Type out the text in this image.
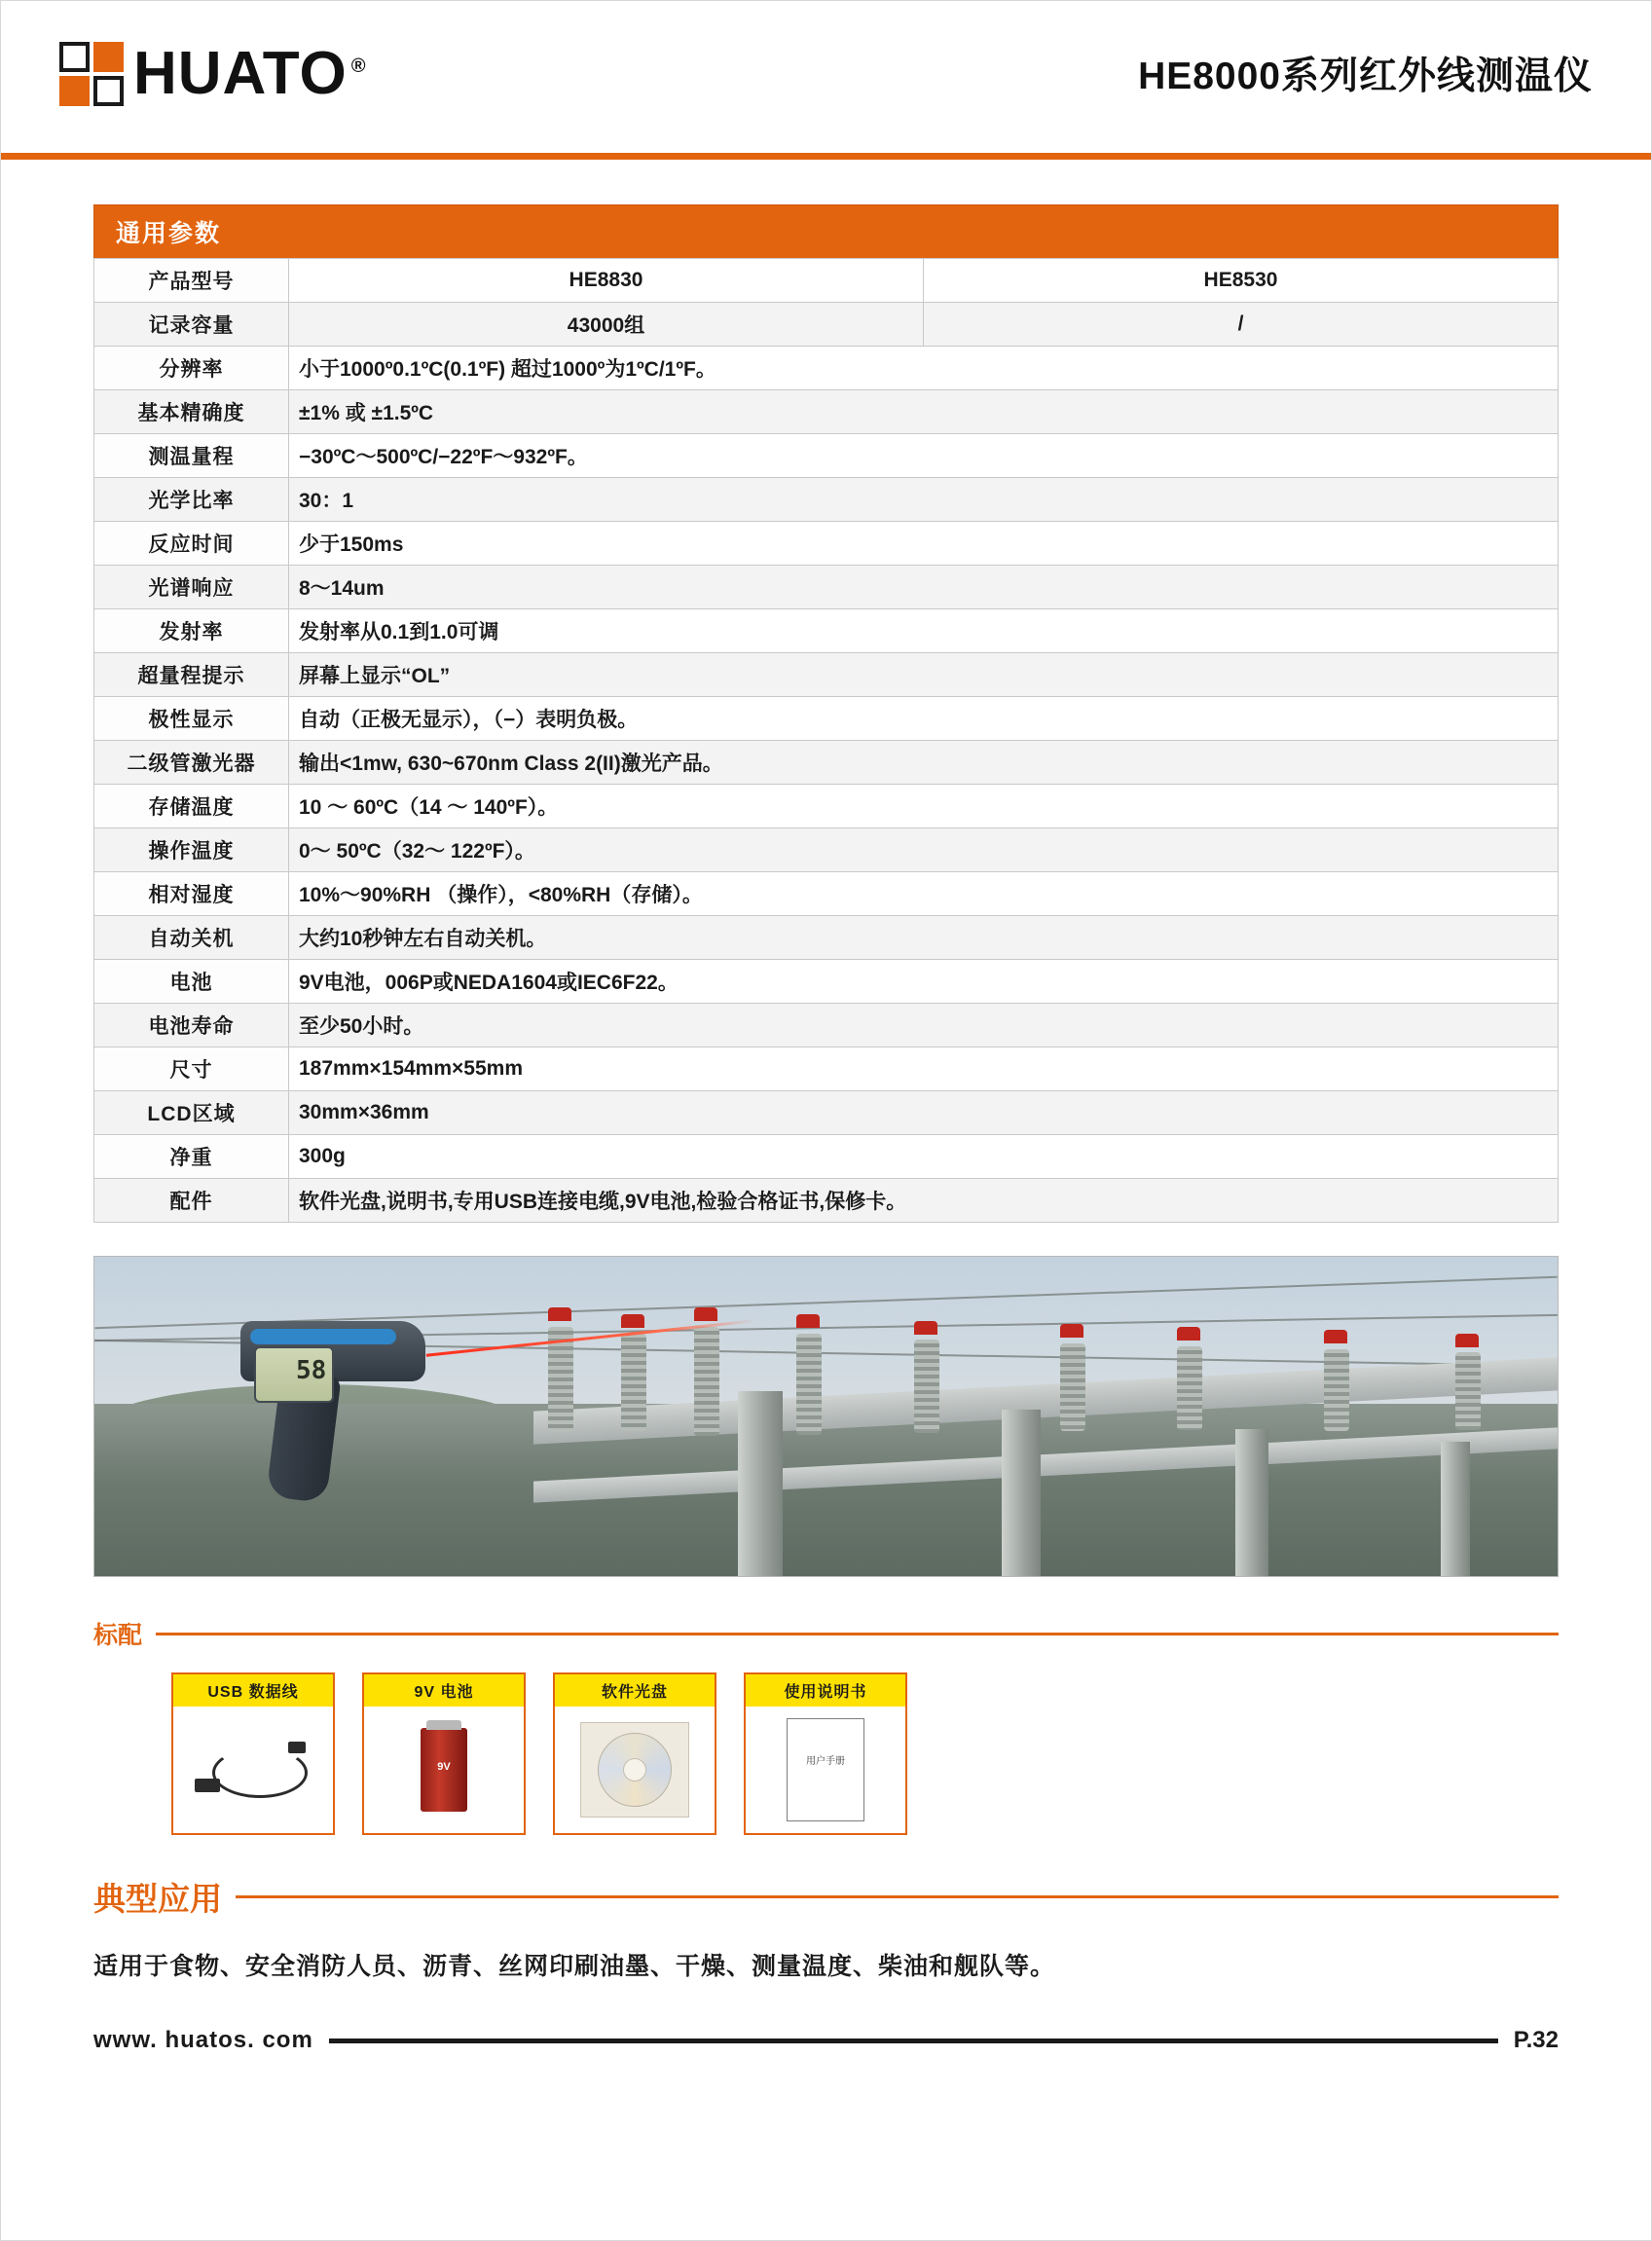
HUATO ®	HE8000系列红外线测温仪
通用参数
产品型号	HE8830	HE8530
记录容量	43000组	/
分辨率	小于1000º0.1ºC(0.1ºF) 超过1000º为1ºC/1ºF。	
基本精确度	±1% 或 ±1.5ºC	
测温量程	−30ºC～500ºC/−22ºF～932ºF。	
光学比率	30：1	
反应时间	少于150ms	
光谱响应	8～14um	
发射率	发射率从0.1到1.0可调	
超量程提示	屏幕上显示“OL”	
极性显示	自动（正极无显示），（−）表明负极。	
二级管激光器	输出<1mw, 630~670nm Class 2(II)激光产品。	
存储温度	10 ～ 60ºC（14 ～ 140ºF）。	
操作温度	0～ 50ºC（32～ 122ºF）。	
相对湿度	10%～90%RH （操作），<80%RH（存储）。	
自动关机	大约10秒钟左右自动关机。	
电池	9V电池，006P或NEDA1604或IEC6F22。	
电池寿命	至少50小时。	
尺寸	187mm×154mm×55mm	
LCD区域	30mm×36mm	
净重	300g	
配件	软件光盘,说明书,专用USB连接电缆,9V电池,检验合格证书,保修卡。	
58
标配
USB 数据线	9V 电池
9V
软件光盘	使用说明书
用户手册
典型应用
适用于食物、安全消防人员、沥青、丝网印刷油墨、干燥、测量温度、柴油和舰队等。
www. huatos. com	P.32
